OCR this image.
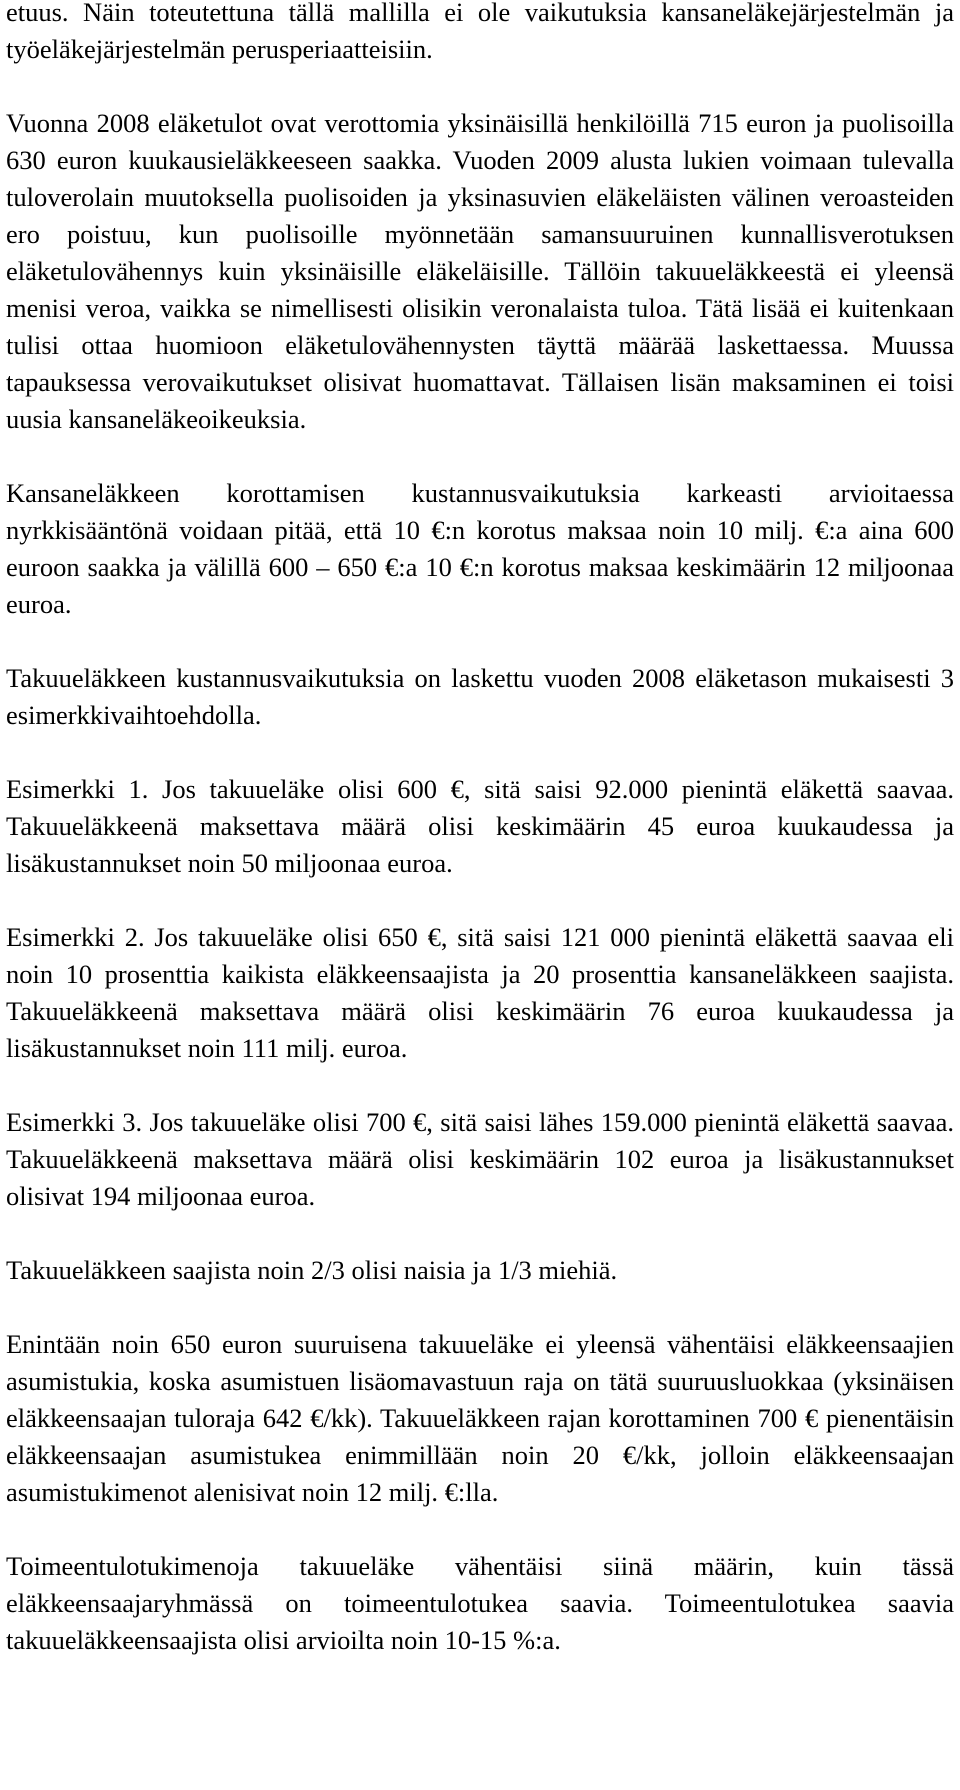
etuus. Näin toteutettuna tällä mallilla ei ole vaikutuksia kansaneläkejärjestelmän ja työeläkejärjestelmän perusperiaatteisiin.

Vuonna 2008 eläketulot ovat verottomia yksinäisillä henkilöillä 715 euron ja puolisoilla 630 euron kuukausieläkkeeseen saakka. Vuoden 2009 alusta lukien voimaan tulevalla tuloverolain muutoksella puolisoiden ja yksinasuvien eläkeläisten välinen veroasteiden ero poistuu, kun puolisoille myönnetään samansuuruinen kunnallisverotuksen eläketulovähennys kuin yksinäisille eläkeläisille. Tällöin takuueläkkeestä ei yleensä menisi veroa, vaikka se nimellisesti olisikin veronalaista tuloa. Tätä lisää ei kuitenkaan tulisi ottaa huomioon eläketulovähennysten täyttä määrää laskettaessa. Muussa tapauksessa verovaikutukset olisivat huomattavat. Tällaisen lisän maksaminen ei toisi uusia kansaneläkeoikeuksia.

Kansaneläkkeen korottamisen kustannusvaikutuksia karkeasti arvioitaessa nyrkkisääntönä voidaan pitää, että 10 €:n korotus maksaa noin 10 milj. €:a aina 600 euroon saakka ja välillä 600 – 650 €:a 10 €:n korotus maksaa keskimäärin 12 miljoonaa euroa.

Takuueläkkeen kustannusvaikutuksia on laskettu vuoden 2008 eläketason mukaisesti 3 esimerkkivaihtoehdolla.

Esimerkki 1. Jos takuueläke olisi 600 €, sitä saisi 92.000 pienintä eläkettä saavaa. Takuueläkkeenä maksettava määrä olisi keskimäärin 45 euroa kuukaudessa ja lisäkustannukset noin 50 miljoonaa euroa.

Esimerkki 2. Jos takuueläke olisi 650 €, sitä saisi 121 000 pienintä eläkettä saavaa eli noin 10 prosenttia kaikista eläkkeensaajista ja 20 prosenttia kansaneläkkeen saajista. Takuueläkkeenä maksettava määrä olisi keskimäärin 76 euroa kuukaudessa ja lisäkustannukset noin 111 milj. euroa.

Esimerkki 3. Jos takuueläke olisi 700 €, sitä saisi lähes 159.000 pienintä eläkettä saavaa. Takuueläkkeenä maksettava määrä olisi keskimäärin 102 euroa ja lisäkustannukset olisivat 194 miljoonaa euroa.

Takuueläkkeen saajista noin 2/3 olisi naisia ja 1/3 miehiä.

Enintään noin 650 euron suuruisena takuueläke ei yleensä vähentäisi eläkkeensaajien asumistukia, koska asumistuen lisäomavastuun raja on tätä suuruusluokkaa (yksinäisen eläkkeensaajan tuloraja 642 €/kk). Takuueläkkeen rajan korottaminen 700 € pienentäisin eläkkeensaajan asumistukea enimmillään noin 20 €/kk, jolloin eläkkeensaajan asumistukimenot alenisivat noin 12 milj. €:lla.

Toimeentulotukimenoja takuueläke vähentäisi siinä määrin, kuin tässä eläkkeensaajaryhmässä on toimeentulotukea saavia. Toimeentulotukea saavia takuueläkkeensaajista olisi arvioilta noin 10-15 %:a.
